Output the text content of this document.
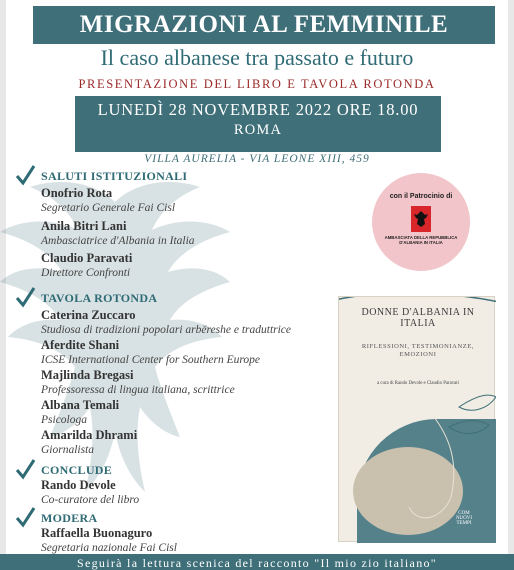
MIGRAZIONI AL FEMMINILE
Il caso albanese tra passato e futuro
PRESENTAZIONE DEL LIBRO E TAVOLA ROTONDA
LUNEDÌ 28 NOVEMBRE 2022 ORE 18.00
ROMA
VILLA AURELIA - VIA LEONE XIII, 459
SALUTI ISTITUZIONALI
Onofrio Rota
Segretario Generale Fai Cisl
Anila Bitri Lani
Ambasciatrice d'Albania in Italia
Claudio Paravati
Direttore Confronti
TAVOLA ROTONDA
Caterina Zuccaro
Studiosa di tradizioni popolari arbëreshe e traduttrice
Aferdite Shani
ICSE International Center for Southern Europe
Majlinda Bregasi
Professoressa di lingua italiana, scrittrice
Albana Temali
Psicologa
Amarilda Dhrami
Giornalista
CONCLUDE
Rando Devole
Co-curatore del libro
MODERA
Raffaella Buonaguro
Segretaria nazionale Fai Cisl
con il Patrocinio di
AMBASCIATA DELLA REPUBBLICA D'ALBANIA IN ITALIA
DONNE D'ALBANIA IN ITALIA
RIFLESSIONI, TESTIMONIANZE, EMOZIONI
a cura di Rando Devole e Claudio Paravati
COM NUOVI TEMPI
Seguirà la lettura scenica del racconto "Il mio zio italiano"
